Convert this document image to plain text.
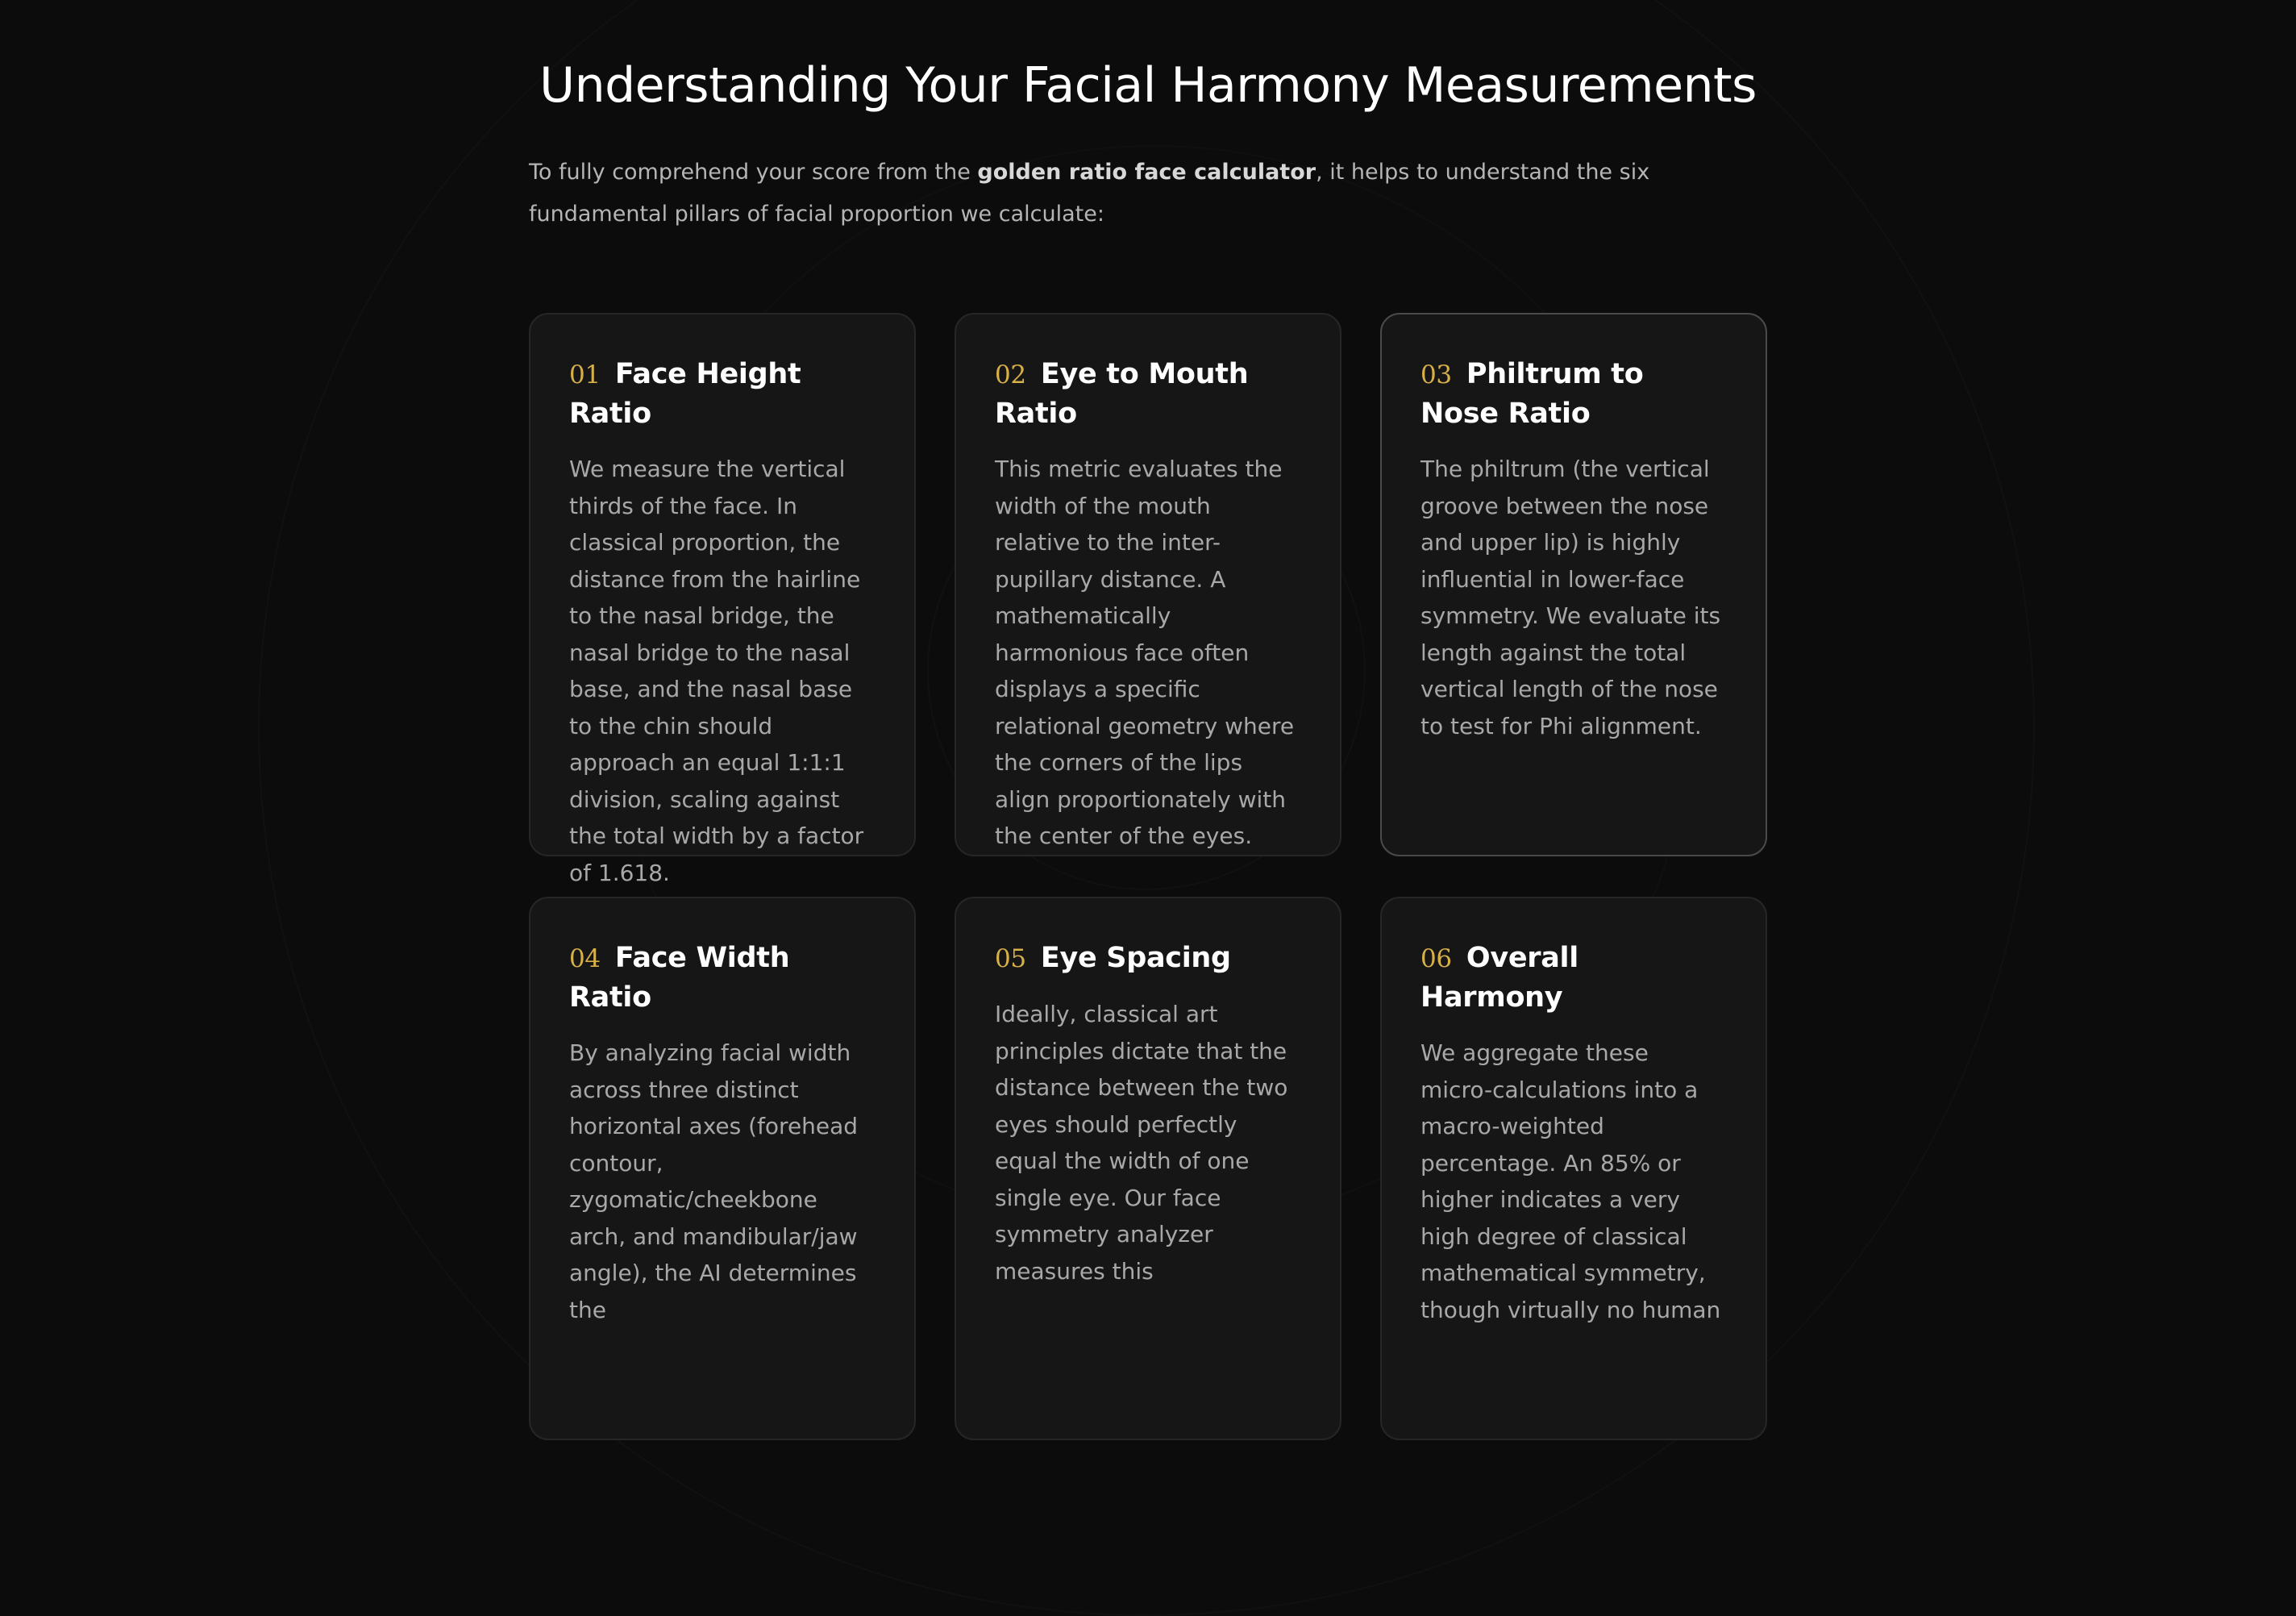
Understanding Your Facial Harmony Measurements

To fully comprehend your score from the golden ratio face calculator, it helps to understand the six fundamental pillars of facial proportion we calculate:

01 Face Height Ratio

We measure the vertical thirds of the face. In classical proportion, the distance from the hairline to the nasal bridge, the nasal bridge to the nasal base, and the nasal base to the chin should approach an equal 1:1:1 division, scaling against the total width by a factor of 1.618.

02 Eye to Mouth Ratio

This metric evaluates the width of the mouth relative to the inter-pupillary distance. A mathematically harmonious face often displays a specific relational geometry where the corners of the lips align proportionately with the center of the eyes.

03 Philtrum to Nose Ratio

The philtrum (the vertical groove between the nose and upper lip) is highly influential in lower-face symmetry. We evaluate its length against the total vertical length of the nose to test for Phi alignment.

04 Face Width Ratio

By analyzing facial width across three distinct horizontal axes (forehead contour, zygomatic/cheekbone arch, and mandibular/jaw angle), the AI determines the

05 Eye Spacing

Ideally, classical art principles dictate that the distance between the two eyes should perfectly equal the width of one single eye. Our face symmetry analyzer measures this

06 Overall Harmony

We aggregate these micro-calculations into a macro-weighted percentage. An 85% or higher indicates a very high degree of classical mathematical symmetry, though virtually no human
